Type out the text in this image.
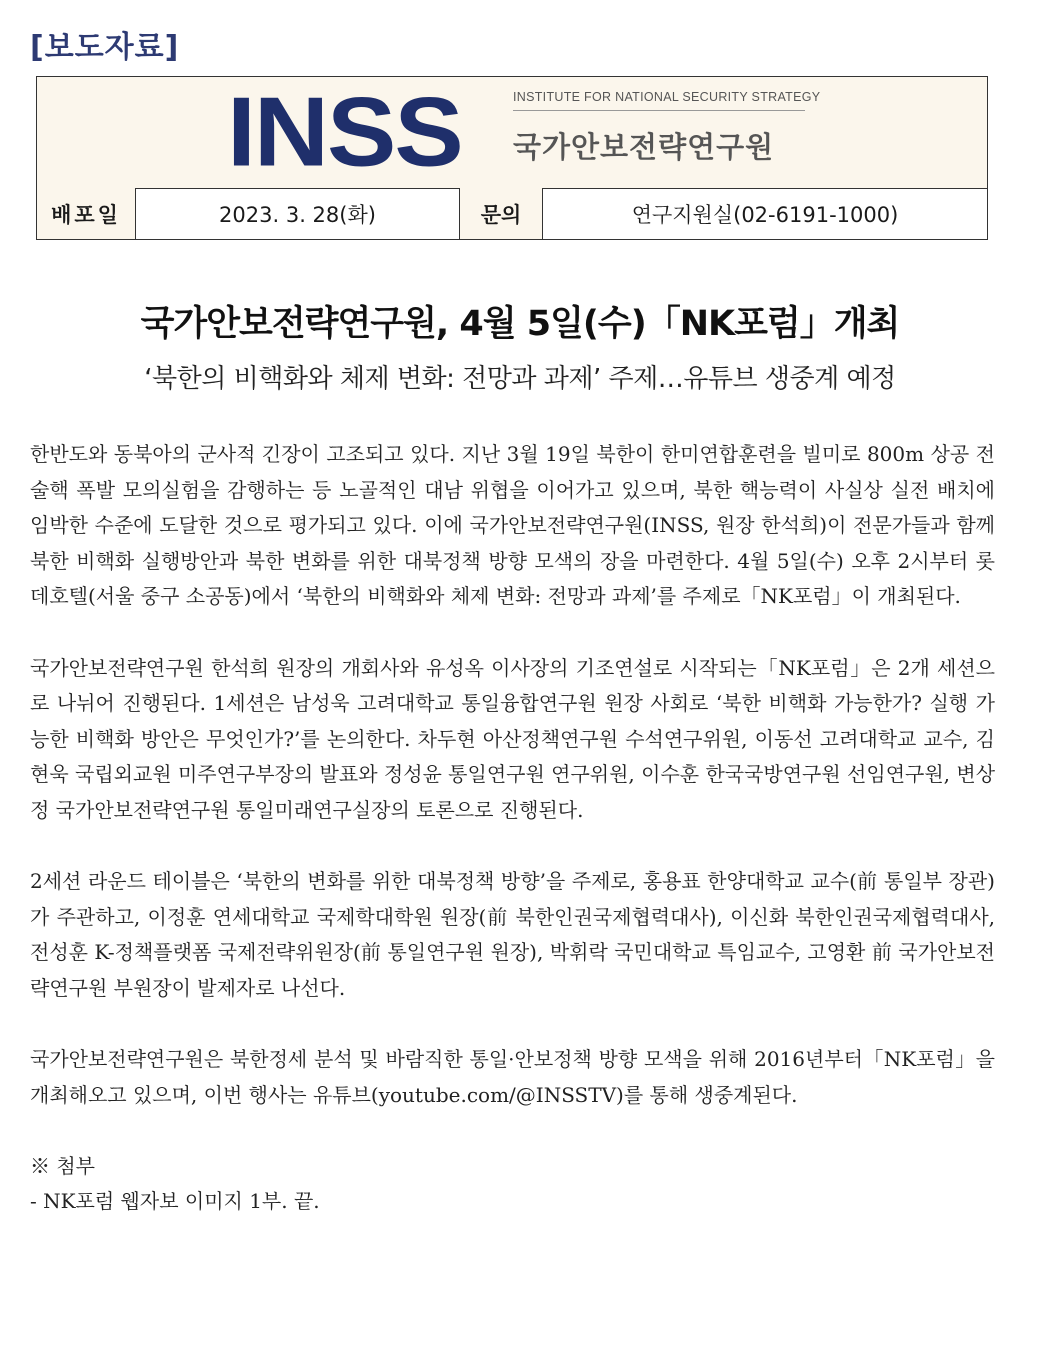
[보도자료]
INSS	INSTITUTE FOR NATIONAL SECURITY STRATEGY
국가안보전략연구원
배포일	2023. 3. 28(화)	문의	연구지원실(02-6191-1000)
국가안보전략연구원, 4월 5일(수)「NK포럼」개최
‘북한의 비핵화와 체제 변화: 전망과 과제’ 주제…유튜브 생중계 예정

한반도와 동북아의 군사적 긴장이 고조되고 있다. 지난 3월 19일 북한이 한미연합훈련을 빌미로 800m 상공 전술핵 폭발 모의실험을 감행하는 등 노골적인 대남 위협을 이어가고 있으며, 북한 핵능력이 사실상 실전 배치에 임박한 수준에 도달한 것으로 평가되고 있다. 이에 국가안보전략연구원(INSS, 원장 한석희)이 전문가들과 함께 북한 비핵화 실행방안과 북한 변화를 위한 대북정책 방향 모색의 장을 마련한다. 4월 5일(수) 오후 2시부터 롯데호텔(서울 중구 소공동)에서 ‘북한의 비핵화와 체제 변화: 전망과 과제’를 주제로「NK포럼」이 개최된다.

국가안보전략연구원 한석희 원장의 개회사와 유성옥 이사장의 기조연설로 시작되는「NK포럼」은 2개 세션으로 나뉘어 진행된다. 1세션은 남성욱 고려대학교 통일융합연구원 원장 사회로 ‘북한 비핵화 가능한가? 실행 가능한 비핵화 방안은 무엇인가?’를 논의한다. 차두현 아산정책연구원 수석연구위원, 이동선 고려대학교 교수, 김현욱 국립외교원 미주연구부장의 발표와 정성윤 통일연구원 연구위원, 이수훈 한국국방연구원 선임연구원, 변상정 국가안보전략연구원 통일미래연구실장의 토론으로 진행된다.

2세션 라운드 테이블은 ‘북한의 변화를 위한 대북정책 방향’을 주제로, 홍용표 한양대학교 교수(前 통일부 장관)가 주관하고, 이정훈 연세대학교 국제학대학원 원장(前 북한인권국제협력대사), 이신화 북한인권국제협력대사, 전성훈 K-정책플랫폼 국제전략위원장(前 통일연구원 원장), 박휘락 국민대학교 특임교수, 고영환 前 국가안보전략연구원 부원장이 발제자로 나선다.

국가안보전략연구원은 북한정세 분석 및 바람직한 통일·안보정책 방향 모색을 위해 2016년부터「NK포럼」을 개최해오고 있으며, 이번 행사는 유튜브(youtube.com/@INSSTV)를 통해 생중계된다.

※ 첨부

- NK포럼 웹자보 이미지 1부. 끝.
